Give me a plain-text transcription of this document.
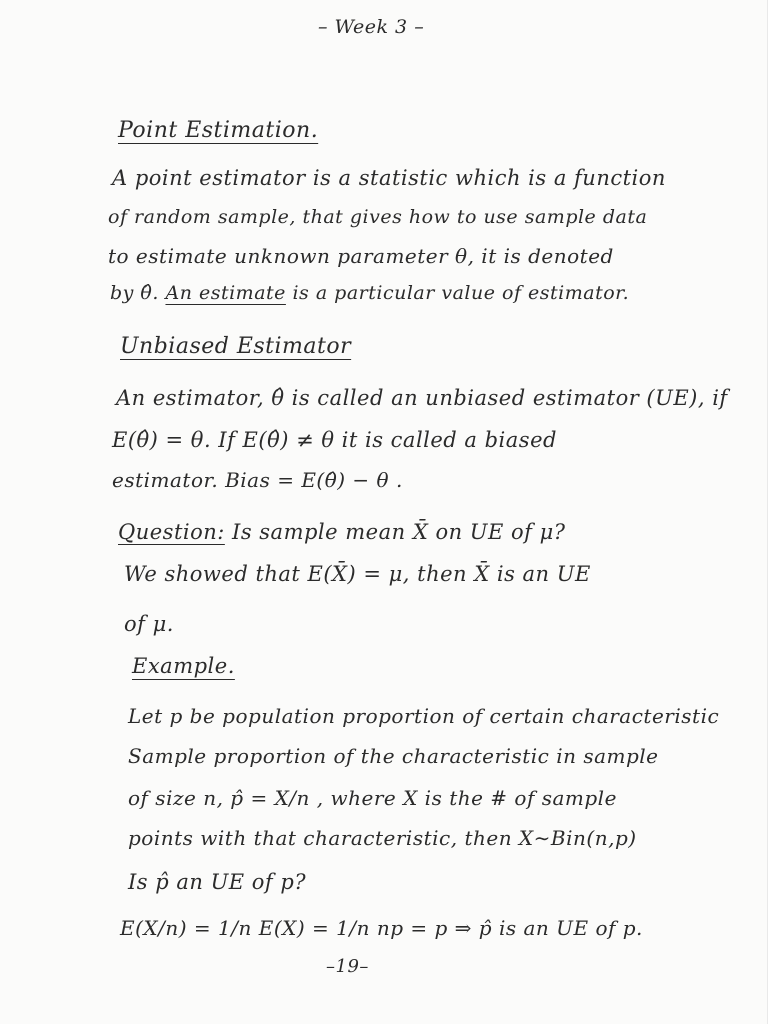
– Week 3 –
Point Estimation.
A point estimator is a statistic which is a function
of random sample, that gives how to use sample data
to estimate unknown parameter θ, it is denoted
by θ̂. An estimate is a particular value of estimator.
Unbiased Estimator
An estimator, θ̂ is called an unbiased estimator (UE), if
E(θ̂) = θ. If E(θ̂) ≠ θ it is called a biased
estimator. Bias = E(θ̂) − θ .
Question: Is sample mean X̄ on UE of μ?
We showed that E(X̄) = μ, then X̄ is an UE
of μ.
Example.
Let p be population proportion of certain characteristic
Sample proportion of the characteristic in sample
of size n, p̂ = X/n , where X is the # of sample
points with that characteristic, then X∼Bin(n,p)
Is p̂ an UE of p?
E(X/n) = 1/n E(X) = 1/n np = p ⇒ p̂ is an UE of p.
–19–
